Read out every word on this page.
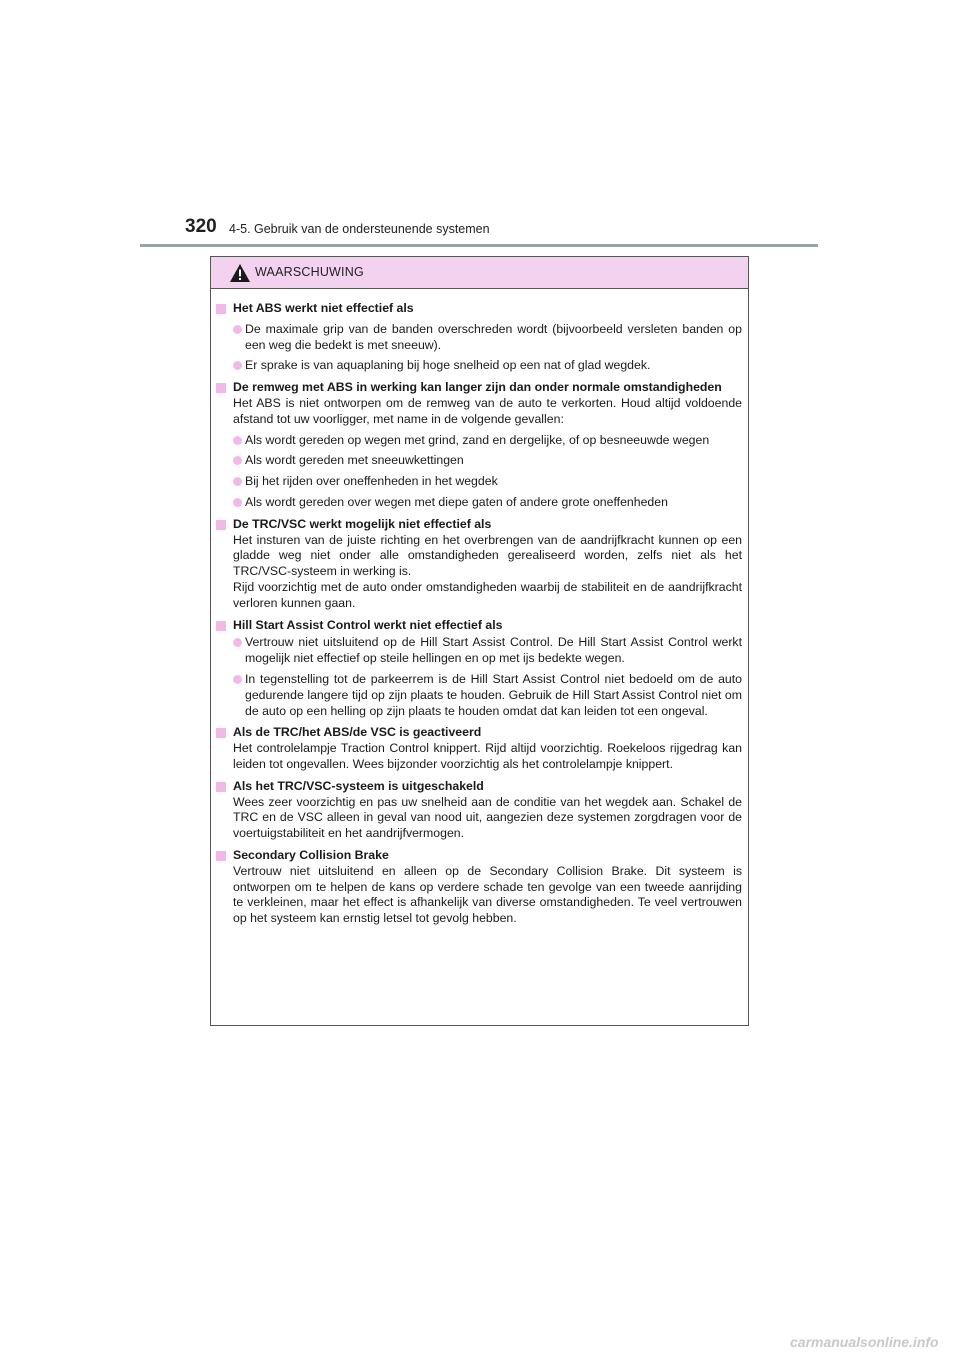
320 4-5. Gebruik van de ondersteunende systemen
WAARSCHUWING
Het ABS werkt niet effectief als
De maximale grip van de banden overschreden wordt (bijvoorbeeld versleten banden op een weg die bedekt is met sneeuw).
Er sprake is van aquaplaning bij hoge snelheid op een nat of glad wegdek.
De remweg met ABS in werking kan langer zijn dan onder normale omstandigheden
Het ABS is niet ontworpen om de remweg van de auto te verkorten. Houd altijd voldoende afstand tot uw voorligger, met name in de volgende gevallen:
Als wordt gereden op wegen met grind, zand en dergelijke, of op besneeuwde wegen
Als wordt gereden met sneeuwkettingen
Bij het rijden over oneffenheden in het wegdek
Als wordt gereden over wegen met diepe gaten of andere grote oneffenheden
De TRC/VSC werkt mogelijk niet effectief als
Het insturen van de juiste richting en het overbrengen van de aandrijfkracht kunnen op een gladde weg niet onder alle omstandigheden gerealiseerd worden, zelfs niet als het TRC/VSC-systeem in werking is.
Rijd voorzichtig met de auto onder omstandigheden waarbij de stabiliteit en de aandrijfkracht verloren kunnen gaan.
Hill Start Assist Control werkt niet effectief als
Vertrouw niet uitsluitend op de Hill Start Assist Control. De Hill Start Assist Control werkt mogelijk niet effectief op steile hellingen en op met ijs bedekte wegen.
In tegenstelling tot de parkeerrem is de Hill Start Assist Control niet bedoeld om de auto gedurende langere tijd op zijn plaats te houden. Gebruik de Hill Start Assist Control niet om de auto op een helling op zijn plaats te houden omdat dat kan leiden tot een ongeval.
Als de TRC/het ABS/de VSC is geactiveerd
Het controlelampje Traction Control knippert. Rijd altijd voorzichtig. Roekeloos rijgedrag kan leiden tot ongevallen. Wees bijzonder voorzichtig als het controlelampje knippert.
Als het TRC/VSC-systeem is uitgeschakeld
Wees zeer voorzichtig en pas uw snelheid aan de conditie van het wegdek aan. Schakel de TRC en de VSC alleen in geval van nood uit, aangezien deze systemen zorgdragen voor de voertuigstabiliteit en het aandrijfvermogen.
Secondary Collision Brake
Vertrouw niet uitsluitend en alleen op de Secondary Collision Brake. Dit systeem is ontworpen om te helpen de kans op verdere schade ten gevolge van een tweede aanrijding te verkleinen, maar het effect is afhankelijk van diverse omstandigheden. Te veel vertrouwen op het systeem kan ernstig letsel tot gevolg hebben.
carmanualsonline.info
